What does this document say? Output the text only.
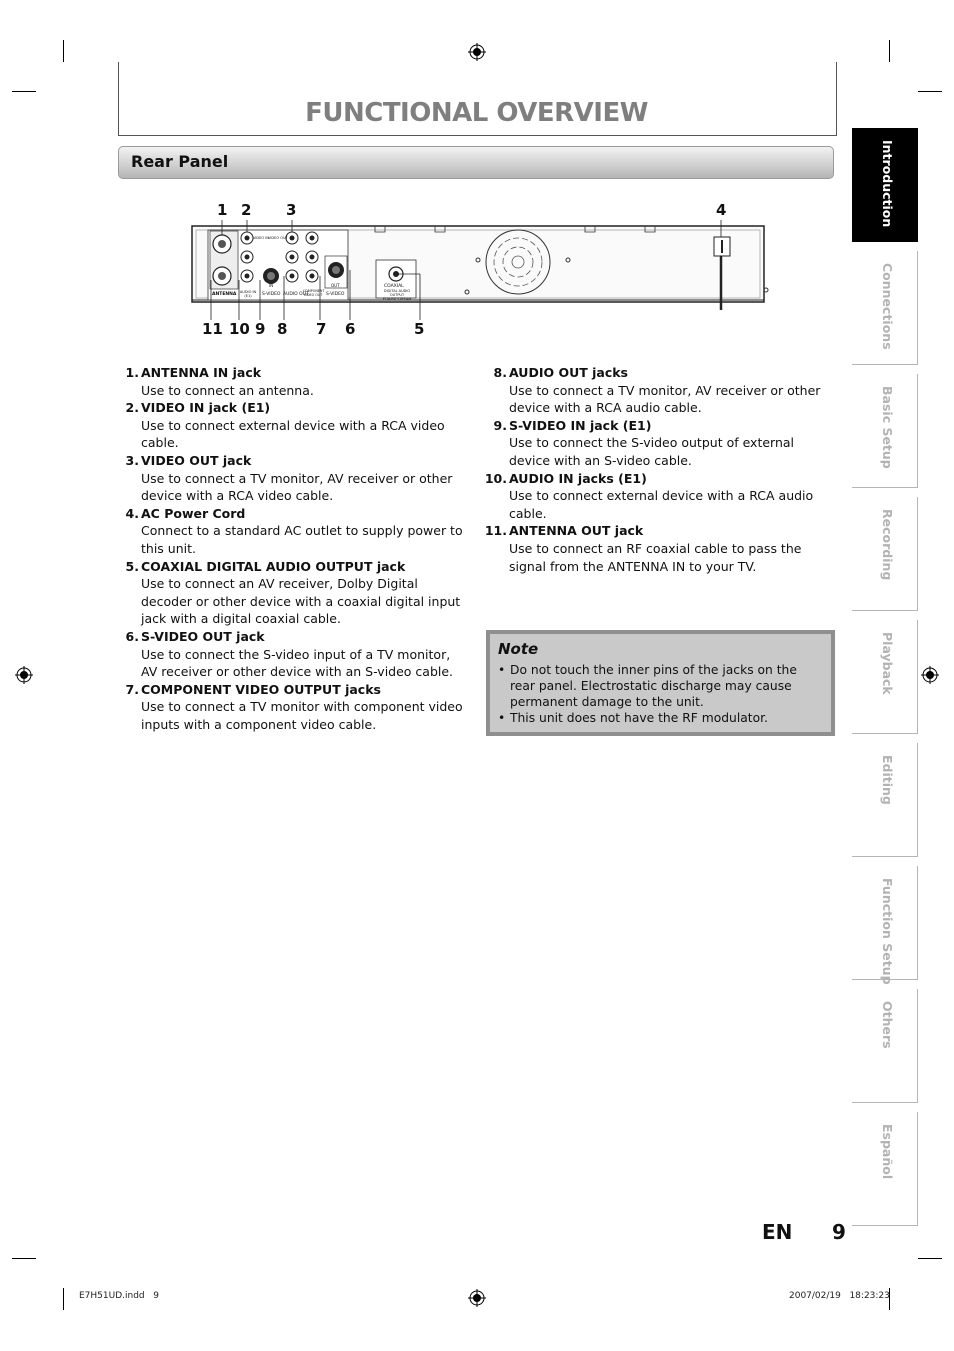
FUNCTIONAL OVERVIEW
Rear Panel
1 2 3	4
11 10 9 8 7 6	5
VIDEO IN VIDEO OUT
IN	OUT
ANTENNA AUDIO IN (E1)	S-VIDEO AUDIO OUT
COMPONENT VIDEO OUT S-VIDEO
COAXIAL
DIGITAL AUDIO OUTPUT PCM/BITSTREAM
1. ANTENNA IN jack
Use to connect an antenna.
2. VIDEO IN jack (E1)
Use to connect external device with a RCA video cable.
3. VIDEO OUT jack
Use to connect a TV monitor, AV receiver or other device with a RCA video cable.
4. AC Power Cord
Connect to a standard AC outlet to supply power to this unit.
5. COAXIAL DIGITAL AUDIO OUTPUT jack
Use to connect an AV receiver, Dolby Digital decoder or other device with a coaxial digital input jack with a digital coaxial cable.
6. S-VIDEO OUT jack
Use to connect the S-video input of a TV monitor, AV receiver or other device with an S-video cable.
7. COMPONENT VIDEO OUTPUT jacks
Use to connect a TV monitor with component video inputs with a component video cable.
8. AUDIO OUT jacks
Use to connect a TV monitor, AV receiver or other device with a RCA audio cable.
9. S-VIDEO IN jack (E1)
Use to connect the S-video output of external device with an S-video cable.
10. AUDIO IN jacks (E1)
Use to connect external device with a RCA audio cable.
11. ANTENNA OUT jack
Use to connect an RF coaxial cable to pass the signal from the ANTENNA IN to your TV.
Note
• Do not touch the inner pins of the jacks on the rear panel. Electrostatic discharge may cause permanent damage to the unit.
• This unit does not have the RF modulator.
Introduction
Connections
Basic Setup
Recording
Playback
Editing
Function Setup
Others
Español
EN 9
E7H51UD.indd   9	2007/02/19   18:23:23
